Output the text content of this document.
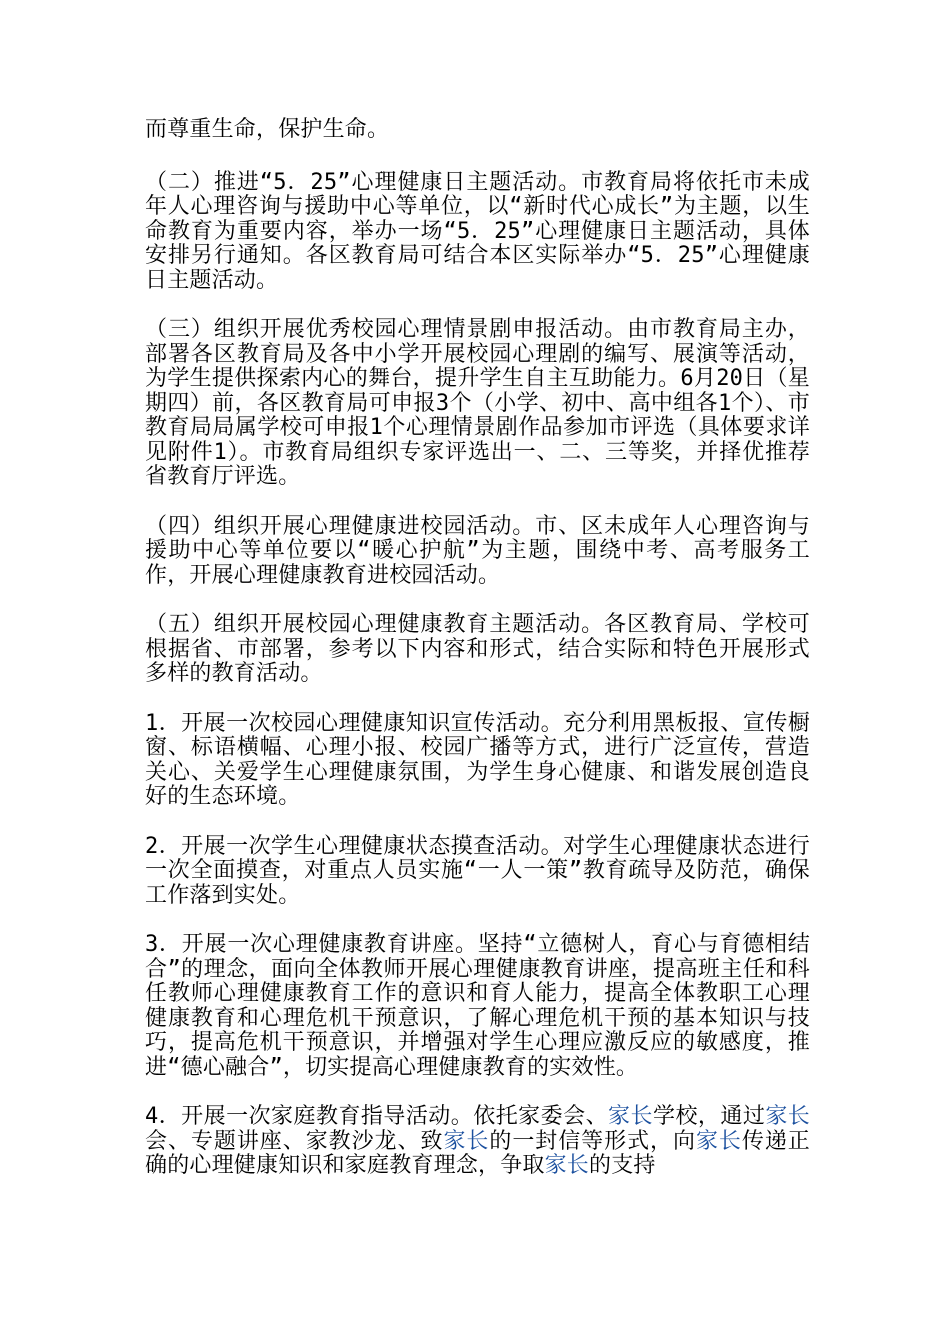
而尊重生命，保护生命。

（二）推进“5．25”心理健康日主题活动。市教育局将依托市未成年人心理咨询与援助中心等单位，以“新时代心成长”为主题，以生命教育为重要内容，举办一场“5．25”心理健康日主题活动，具体安排另行通知。各区教育局可结合本区实际举办“5．25”心理健康日主题活动。

（三）组织开展优秀校园心理情景剧申报活动。由市教育局主办，部署各区教育局及各中小学开展校园心理剧的编写、展演等活动，为学生提供探索内心的舞台，提升学生自主互助能力。6月20日（星期四）前，各区教育局可申报3个（小学、初中、高中组各1个）、市教育局局属学校可申报1个心理情景剧作品参加市评选（具体要求详见附件1）。市教育局组织专家评选出一、二、三等奖，并择优推荐省教育厅评选。

（四）组织开展心理健康进校园活动。市、区未成年人心理咨询与援助中心等单位要以“暖心护航”为主题，围绕中考、高考服务工作，开展心理健康教育进校园活动。

（五）组织开展校园心理健康教育主题活动。各区教育局、学校可根据省、市部署，参考以下内容和形式，结合实际和特色开展形式多样的教育活动。

1．开展一次校园心理健康知识宣传活动。充分利用黑板报、宣传橱窗、标语横幅、心理小报、校园广播等方式，进行广泛宣传，营造关心、关爱学生心理健康氛围，为学生身心健康、和谐发展创造良好的生态环境。

2．开展一次学生心理健康状态摸查活动。对学生心理健康状态进行一次全面摸查，对重点人员实施“一人一策”教育疏导及防范，确保工作落到实处。

3．开展一次心理健康教育讲座。坚持“立德树人，育心与育德相结合”的理念，面向全体教师开展心理健康教育讲座，提高班主任和科任教师心理健康教育工作的意识和育人能力，提高全体教职工心理健康教育和心理危机干预意识，了解心理危机干预的基本知识与技巧，提高危机干预意识，并增强对学生心理应激反应的敏感度，推进“德心融合”，切实提高心理健康教育的实效性。

4．开展一次家庭教育指导活动。依托家委会、家长学校，通过家长会、专题讲座、家教沙龙、致家长的一封信等形式，向家长传递正确的心理健康知识和家庭教育理念，争取家长的支持
